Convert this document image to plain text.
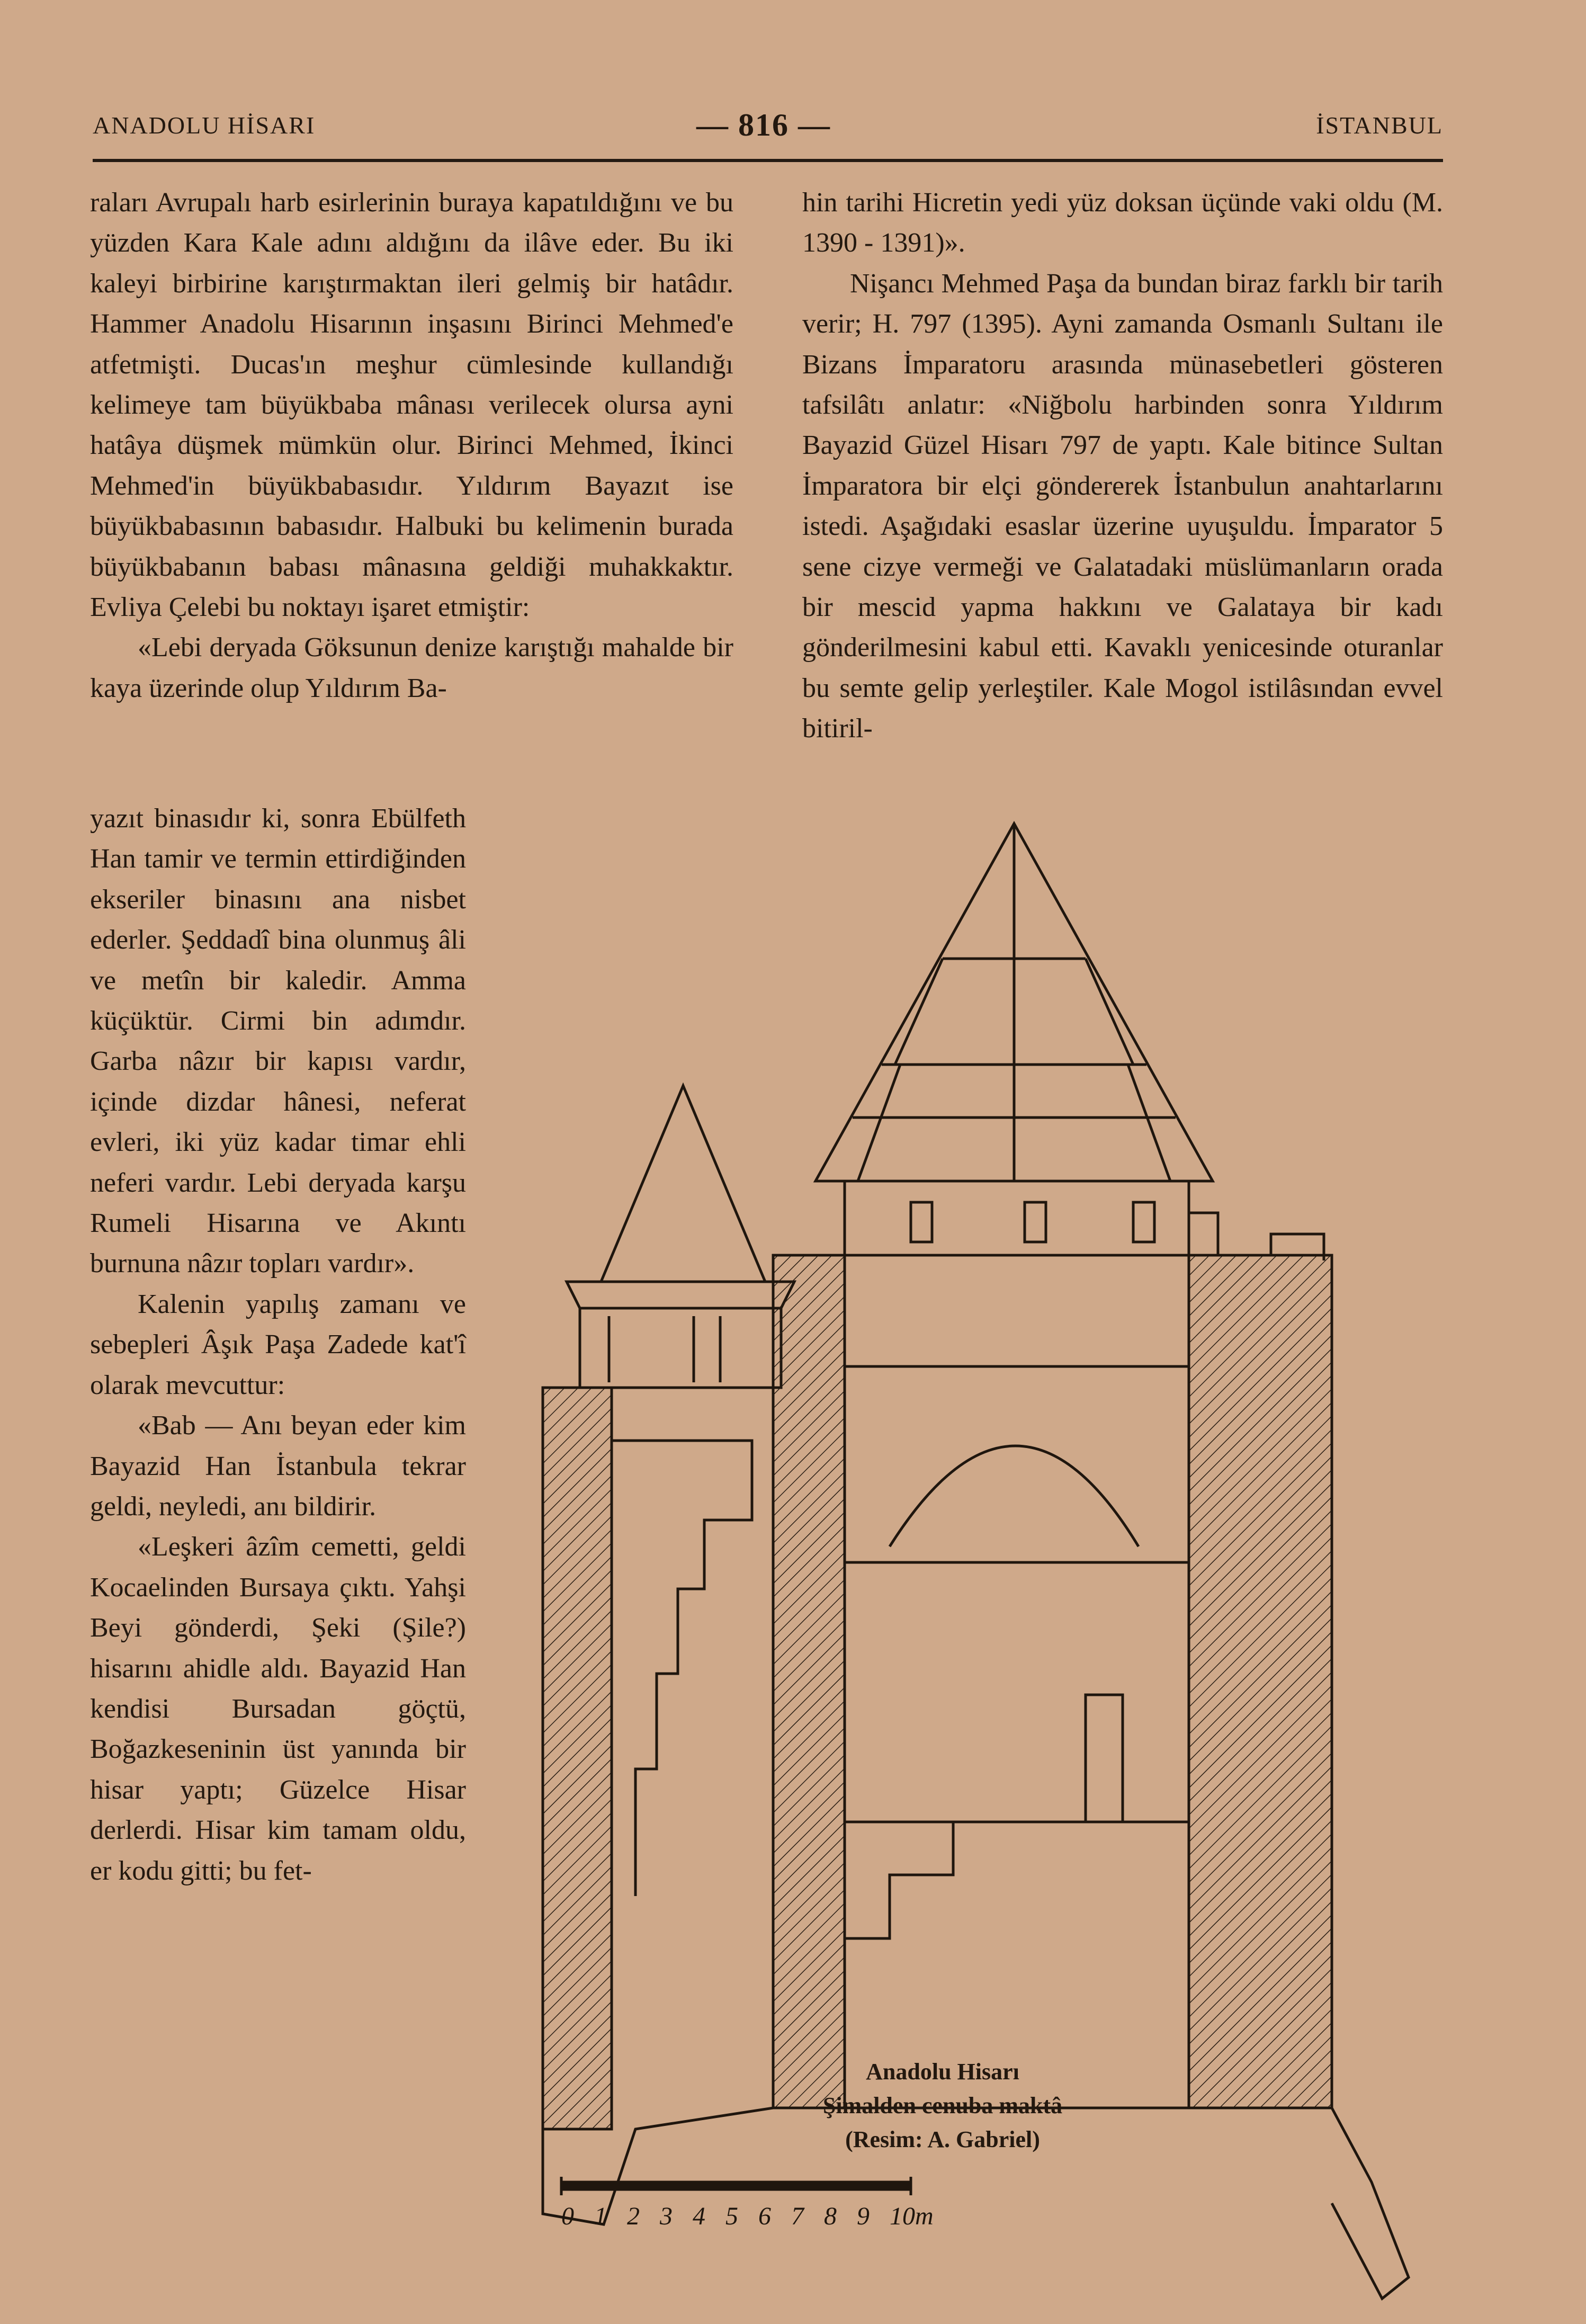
ANADOLU HİSARI	— 816 —	İSTANBUL

raları Avrupalı harb esirlerinin buraya kapatıldığını ve bu yüzden Kara Kale adını aldığını da ilâve eder. Bu iki kaleyi birbirine karıştırmaktan ileri gelmiş bir hatâdır. Hammer Anadolu Hisarının inşasını Birinci Mehmed'e atfetmişti. Ducas'ın meşhur cümlesinde kullandığı kelimeye tam büyükbaba mânası verilecek olursa ayni hatâya düşmek mümkün olur. Birinci Mehmed, İkinci Mehmed'in büyükbabasıdır. Yıldırım Bayazıt ise büyükbabasının babasıdır. Halbuki bu kelimenin burada büyükbabanın babası mânasına geldiği muhakkaktır. Evliya Çelebi bu noktayı işaret etmiştir:

«Lebi deryada Göksunun denize karıştığı mahalde bir kaya üzerinde olup Yıldırım Ba-

yazıt binasıdır ki, sonra Ebülfeth Han tamir ve termin ettirdiğinden ekseriler binasını ana nisbet ederler. Şeddadî bina olunmuş âli ve metîn bir kaledir. Amma küçüktür. Cirmi bin adımdır. Garba nâzır bir kapısı vardır, içinde dizdar hânesi, neferat evleri, iki yüz kadar timar ehli neferi vardır. Lebi deryada karşu Rumeli Hisarına ve Akıntı burnuna nâzır topları vardır».

Kalenin yapılış zamanı ve sebepleri Âşık Paşa Zadede kat'î olarak mevcuttur:

«Bab — Anı beyan eder kim Bayazid Han İstanbula tekrar geldi, neyledi, anı bildirir.

«Leşkeri âzîm cemetti, geldi Kocaelinden Bursaya çıktı. Yahşi Beyi gönderdi, Şeki (Şile?) hisarını ahidle aldı. Bayazid Han kendisi Bursadan göçtü, Boğazkeseninin üst yanında bir hisar yaptı; Güzelce Hisar derlerdi. Hisar kim tamam oldu, er kodu gitti; bu fet-

hin tarihi Hicretin yedi yüz doksan üçünde vaki oldu (M. 1390 - 1391)».

Nişancı Mehmed Paşa da bundan biraz farklı bir tarih verir; H. 797 (1395). Ayni zamanda Osmanlı Sultanı ile Bizans İmparatoru arasında münasebetleri gösteren tafsilâtı anlatır: «Niğbolu harbinden sonra Yıldırım Bayazid Güzel Hisarı 797 de yaptı. Kale bitince Sultan İmparatora bir elçi göndererek İstanbulun anahtarlarını istedi. Aşağıdaki esaslar üzerine uyuşuldu. İmparator 5 sene cizye vermeği ve Galatadaki müslümanların orada bir mescid yapma hakkını ve Galataya bir kadı gönderilmesini kabul etti. Kavaklı yenicesinde oturanlar bu semte gelip yerleştiler. Kale Mogol istilâsından evvel bitiril-

0 1 2 3 4 5 6 7 8 9 10m
Anadolu Hisarı
Şimalden cenuba maktâ
(Resim: A. Gabriel)
